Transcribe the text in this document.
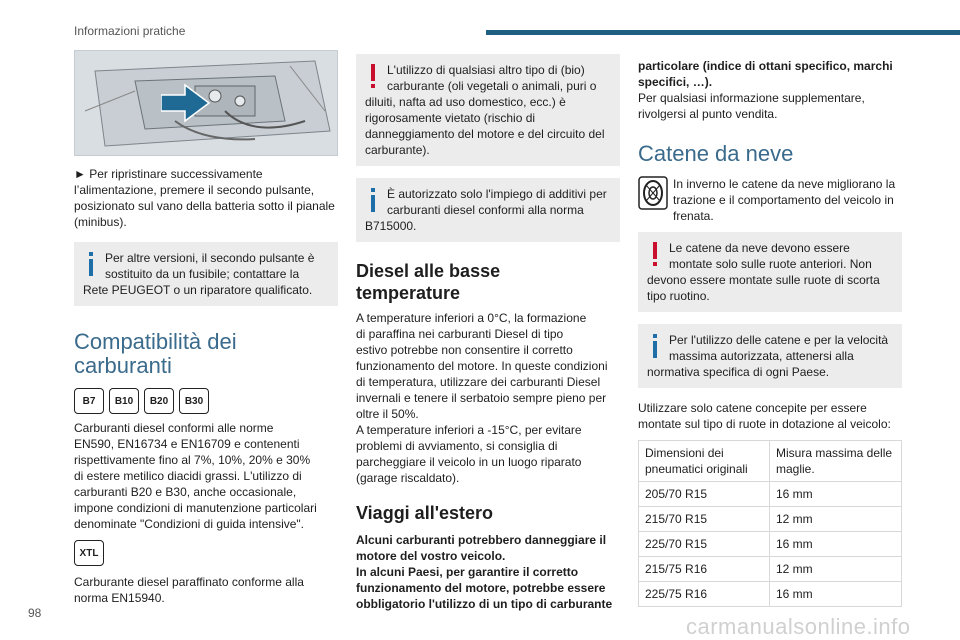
Informazioni pratiche

► Per ripristinare successivamente
l’alimentazione, premere il secondo pulsante,
posizionato sul vano della batteria sotto il pianale
(minibus).

Per altre versioni, il secondo pulsante è
sostituito da un fusibile; contattare la
Rete PEUGEOT o un riparatore qualificato.
Compatibilità dei
carburanti
B7	B10	B20	B30

Carburanti diesel conformi alle norme
EN590, EN16734 e EN16709 e contenenti
rispettivamente fino al 7%, 10%, 20% e 30%
di estere metilico diacidi grassi. L'utilizzo di
carburanti B20 e B30, anche occasionale,
impone condizioni di manutenzione particolari
denominate "Condizioni di guida intensive".

XTL

Carburante diesel paraffinato conforme alla
norma EN15940.

L'utilizzo di qualsiasi altro tipo di (bio)
carburante (oli vegetali o animali, puri o
diluiti, nafta ad uso domestico, ecc.) è
rigorosamente vietato (rischio di
danneggiamento del motore e del circuito del
carburante).
È autorizzato solo l'impiego di additivi per
carburanti diesel conformi alla norma
B715000.
Diesel alle basse
temperature

A temperature inferiori a 0°C, la formazione
di paraffina nei carburanti Diesel di tipo
estivo potrebbe non consentire il corretto
funzionamento del motore. In queste condizioni
di temperatura, utilizzare dei carburanti Diesel
invernali e tenere il serbatoio sempre pieno per
oltre il 50%.
A temperature inferiori a -15°C, per evitare
problemi di avviamento, si consiglia di
parcheggiare il veicolo in un luogo riparato
(garage riscaldato).

Viaggi all'estero

Alcuni carburanti potrebbero danneggiare il
motore del vostro veicolo.
In alcuni Paesi, per garantire il corretto
funzionamento del motore, potrebbe essere
obbligatorio l'utilizzo di un tipo di carburante

particolare (indice di ottani specifico, marchi
specifici, …).
Per qualsiasi informazione supplementare,
rivolgersi al punto vendita.

Catene da neve

In inverno le catene da neve migliorano la
trazione e il comportamento del veicolo in
frenata.

Le catene da neve devono essere
montate solo sulle ruote anteriori. Non
devono essere montate sulle ruote di scorta
tipo ruotino.
Per l'utilizzo delle catene e per la velocità
massima autorizzata, attenersi alla
normativa specifica di ogni Paese.

Utilizzare solo catene concepite per essere
montate sul tipo di ruote in dotazione al veicolo:

Dimensioni dei pneumatici originali	Misura massima delle maglie.
205/70 R15	16 mm
215/70 R15	12 mm
225/70 R15	16 mm
215/75 R16	12 mm
225/75 R16	16 mm
98
carmanualsonline.info
